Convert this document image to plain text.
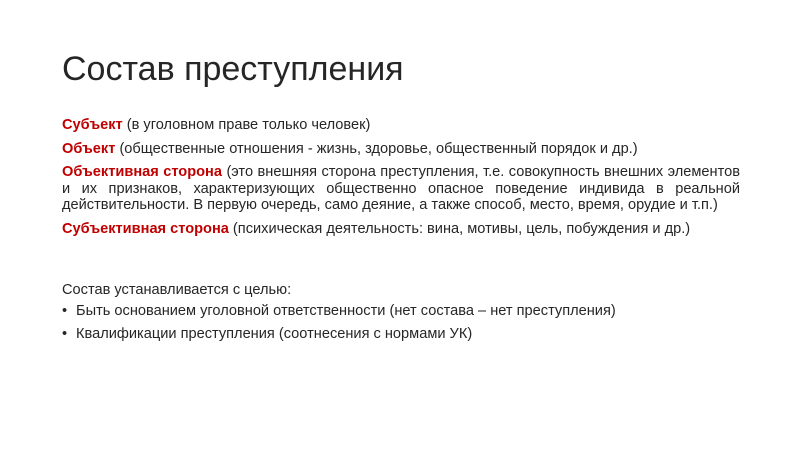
Состав преступления

Субъект (в уголовном праве только человек)

Объект (общественные отношения - жизнь, здоровье, общественный порядок и др.)

Объективная сторона (это внешняя сторона преступления, т.е. совокупность внешних элементов и их признаков, характеризующих общественно опасное поведение индивида в реальной действительности. В первую очередь, само деяние, а также способ, место, время, орудие и т.п.)

Субъективная сторона (психическая деятельность: вина, мотивы, цель, побуждения и др.)

Состав устанавливается с целью:

• Быть основанием уголовной ответственности (нет состава – нет преступления)
• Квалификации преступления (соотнесения с нормами УК)
